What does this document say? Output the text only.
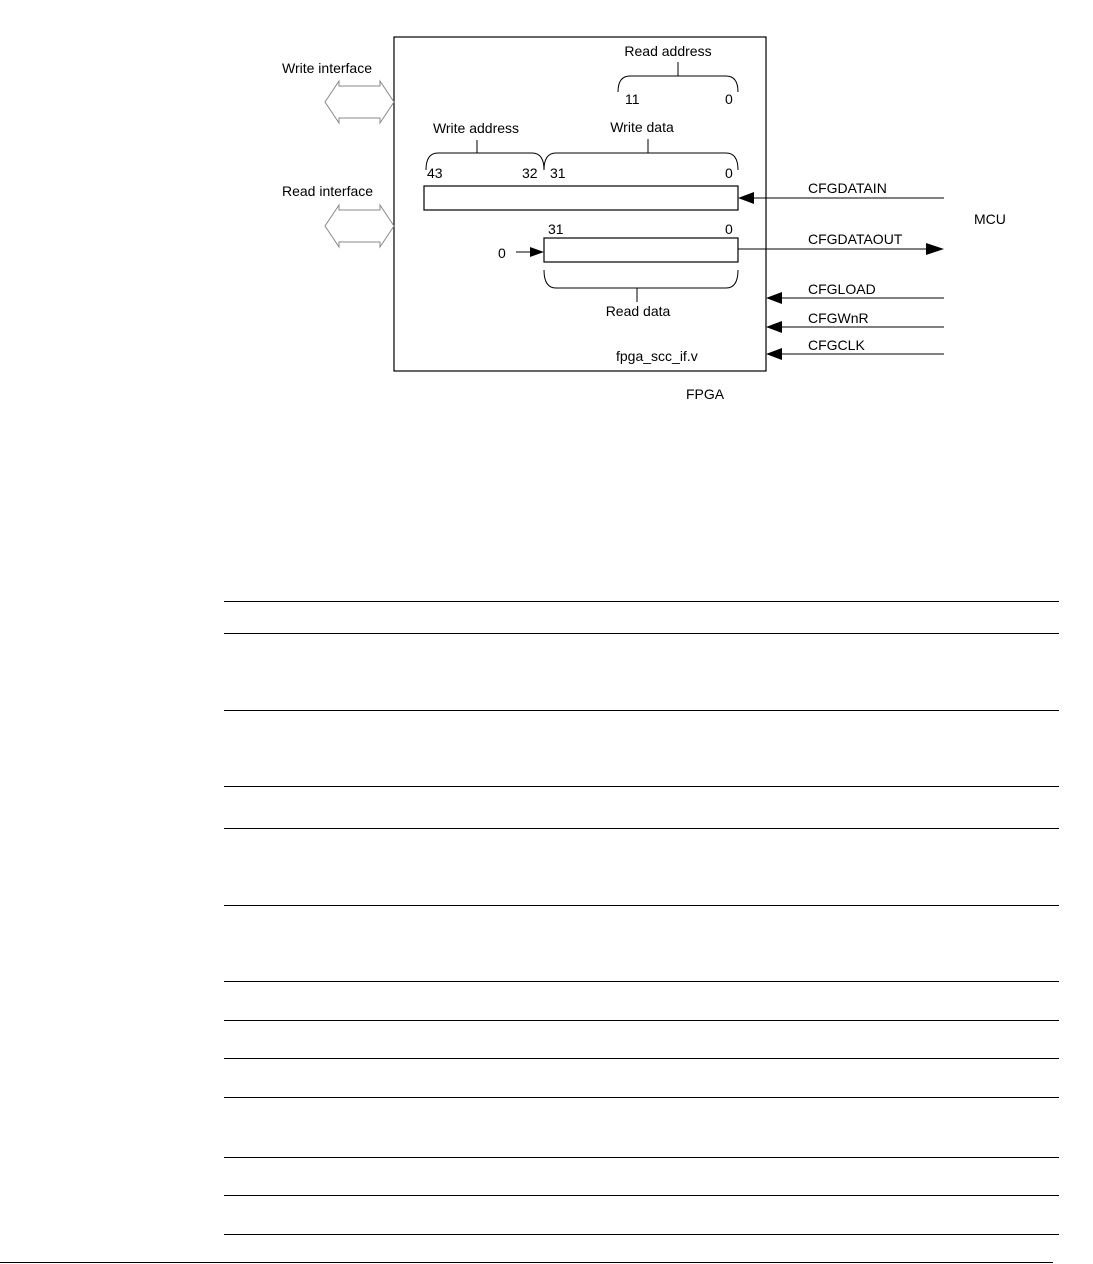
Write interface
Read interface
Read address
11	0
Write address
43	32
Write data
31	0
CFGDATAIN
31	0
0
CFGDATAOUT
Read data
CFGLOAD
CFGWnR
CFGCLK
fpga_scc_if.v
FPGA
MCU
